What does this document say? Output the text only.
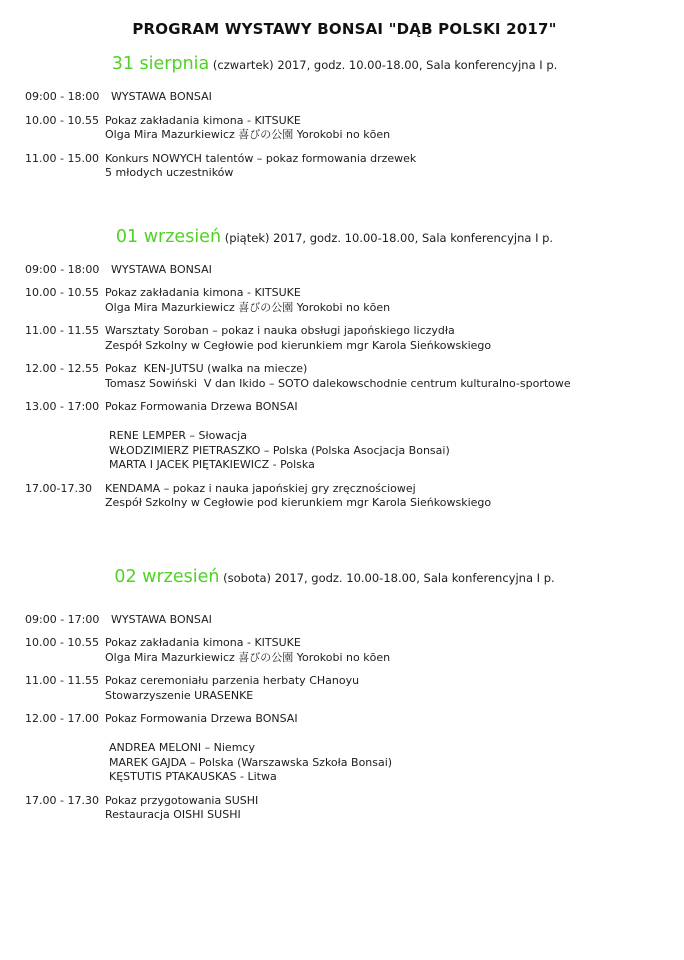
PROGRAM WYSTAWY BONSAI "DĄB POLSKI 2017"
31 sierpnia (czwartek) 2017, godz. 10.00-18.00, Sala konferencyjna I p.
09:00 - 18:00	WYSTAWA BONSAI
10.00 - 10.55 Pokaz zakładania kimona - KITSUKE
Olga Mira Mazurkiewicz 喜びの公園 Yorokobi no kōen
11.00 - 15.00 Konkurs NOWYCH talentów – pokaz formowania drzewek
5 młodych uczestników
01 wrzesień (piątek) 2017, godz. 10.00-18.00, Sala konferencyjna I p.
09:00 - 18:00	WYSTAWA BONSAI
10.00 - 10.55 Pokaz zakładania kimona - KITSUKE
Olga Mira Mazurkiewicz 喜びの公園 Yorokobi no kōen
11.00 - 11.55 Warsztaty Soroban – pokaz i nauka obsługi japońskiego liczydła
Zespół Szkolny w Cegłowie pod kierunkiem mgr Karola Sieńkowskiego
12.00 - 12.55 Pokaz  KEN-JUTSU (walka na miecze)
Tomasz Sowiński  V dan Ikido – SOTO dalekowschodnie centrum kulturalno-sportowe
13.00 - 17:00 Pokaz Formowania Drzewa BONSAI
RENE LEMPER – Słowacja
WŁODZIMIERZ PIETRASZKO – Polska (Polska Asocjacja Bonsai)
MARTA I JACEK PIĘTAKIEWICZ - Polska
17.00-17.30	KENDAMA – pokaz i nauka japońskiej gry zręcznościowej
Zespół Szkolny w Cegłowie pod kierunkiem mgr Karola Sieńkowskiego
02 wrzesień (sobota) 2017, godz. 10.00-18.00, Sala konferencyjna I p.
09:00 - 17:00	WYSTAWA BONSAI
10.00 - 10.55 Pokaz zakładania kimona - KITSUKE
Olga Mira Mazurkiewicz 喜びの公園 Yorokobi no kōen
11.00 - 11.55 Pokaz ceremoniału parzenia herbaty CHanoyu
Stowarzyszenie URASENKE
12.00 - 17.00 Pokaz Formowania Drzewa BONSAI
ANDREA MELONI – Niemcy
MAREK GAJDA – Polska (Warszawska Szkoła Bonsai)
KĘSTUTIS PTAKAUSKAS - Litwa
17.00 - 17.30 Pokaz przygotowania SUSHI
Restauracja OISHI SUSHI
